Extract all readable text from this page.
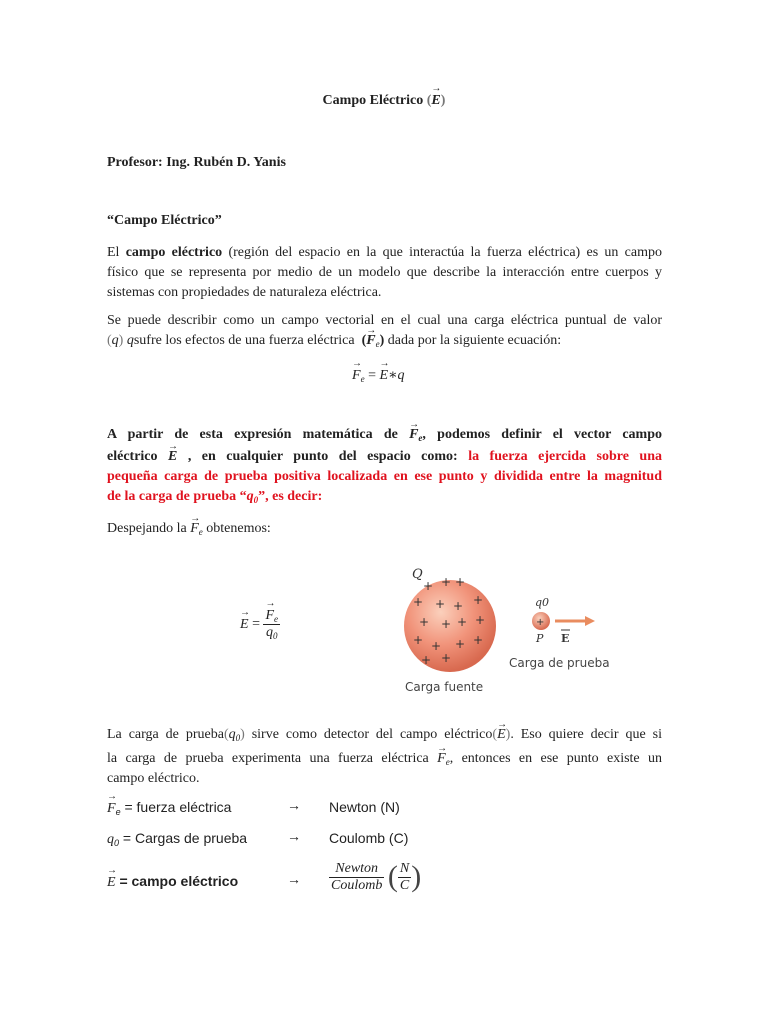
Campo Eléctrico (→ E)
Profesor: Ing. Rubén D. Yanis
“Campo Eléctrico”
El campo eléctrico (región del espacio en la que interactúa la fuerza eléctrica) es un campo
físico que se representa por medio de un modelo que describe la interacción entre cuerpos y
sistemas con propiedades de naturaleza eléctrica.
Se puede describir como un campo vectorial en el cual una carga eléctrica puntual de valor
(q) qsufre los efectos de una fuerza eléctrica (→ $F_e$) dada por la siguiente ecuación:
→ $F_e$ = → E∗q
A partir de esta expresión matemática de → $F_e$, podemos definir el vector campo
eléctrico → E , en cualquier punto del espacio como: la fuerza ejercida sobre una
pequeña carga de prueba positiva localizada en ese punto y dividida entre la magnitud
de la carga de prueba “$q_0$”, es decir:
Despejando la → $F_e$ obtenemos:
→ E =
→ $\frac{F_e}{q_0}$
+ + +
+ + + +
+ + + +
+ + + +
+ +
Q
Carga fuente
+
q0
P E
Carga de prueba
La carga de $prueba(q_0)$ sirve como detector del campo eléctrico(→ E). Eso quiere decir que si
la carga de prueba experimenta una fuerza eléctrica → $F_e$, entonces en ese punto existe un
campo eléctrico.
→ $F_e$ = fuerza eléctrica	→ Newton (N)
$q_0$ = Cargas de prueba	→ Coulomb (C)
→ E = campo eléctrico	→ $\frac{\text{Newton}}{\text{Coulomb}}$ ( $\frac{N}{C}$ )
